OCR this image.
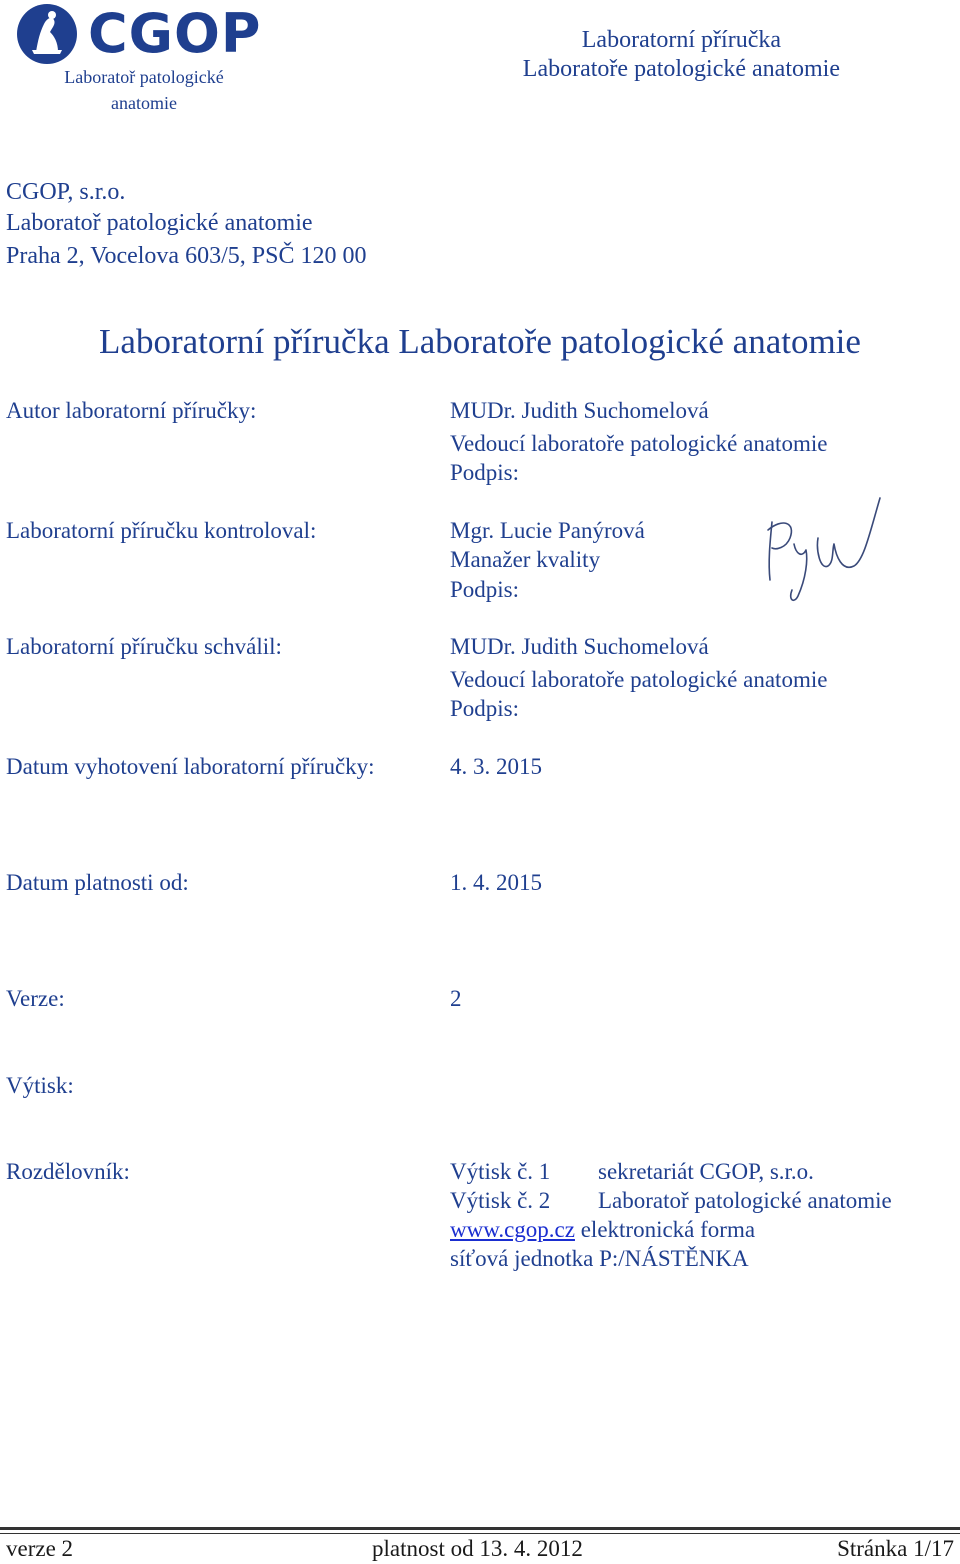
CGOP
Laboratoř patologické anatomie
Laboratorní příručka
Laboratoře patologické anatomie
CGOP, s.r.o.
Laboratoř patologické anatomie
Praha 2, Vocelova 603/5, PSČ 120 00
Laboratorní příručka Laboratoře patologické anatomie
Autor laboratorní příručky:	MUDr. Judith Suchomelová
Vedoucí laboratoře patologické anatomie
Podpis:
Laboratorní příručku kontroloval:	Mgr. Lucie Panýrová
Manažer kvality
Podpis:
Laboratorní příručku schválil:	MUDr. Judith Suchomelová
Vedoucí laboratoře patologické anatomie
Podpis:
Datum vyhotovení laboratorní příručky:	4. 3. 2015
Datum platnosti od:	1. 4. 2015
Verze:	2
Výtisk:
Rozdělovník:	Výtisk č. 1 sekretariát CGOP, s.r.o.
Výtisk č. 2 Laboratoř patologické anatomie
www.cgop.cz elektronická forma
síťová jednotka P:/NÁSTĚNKA
verze 2	platnost od 13. 4. 2012	Stránka 1/17
